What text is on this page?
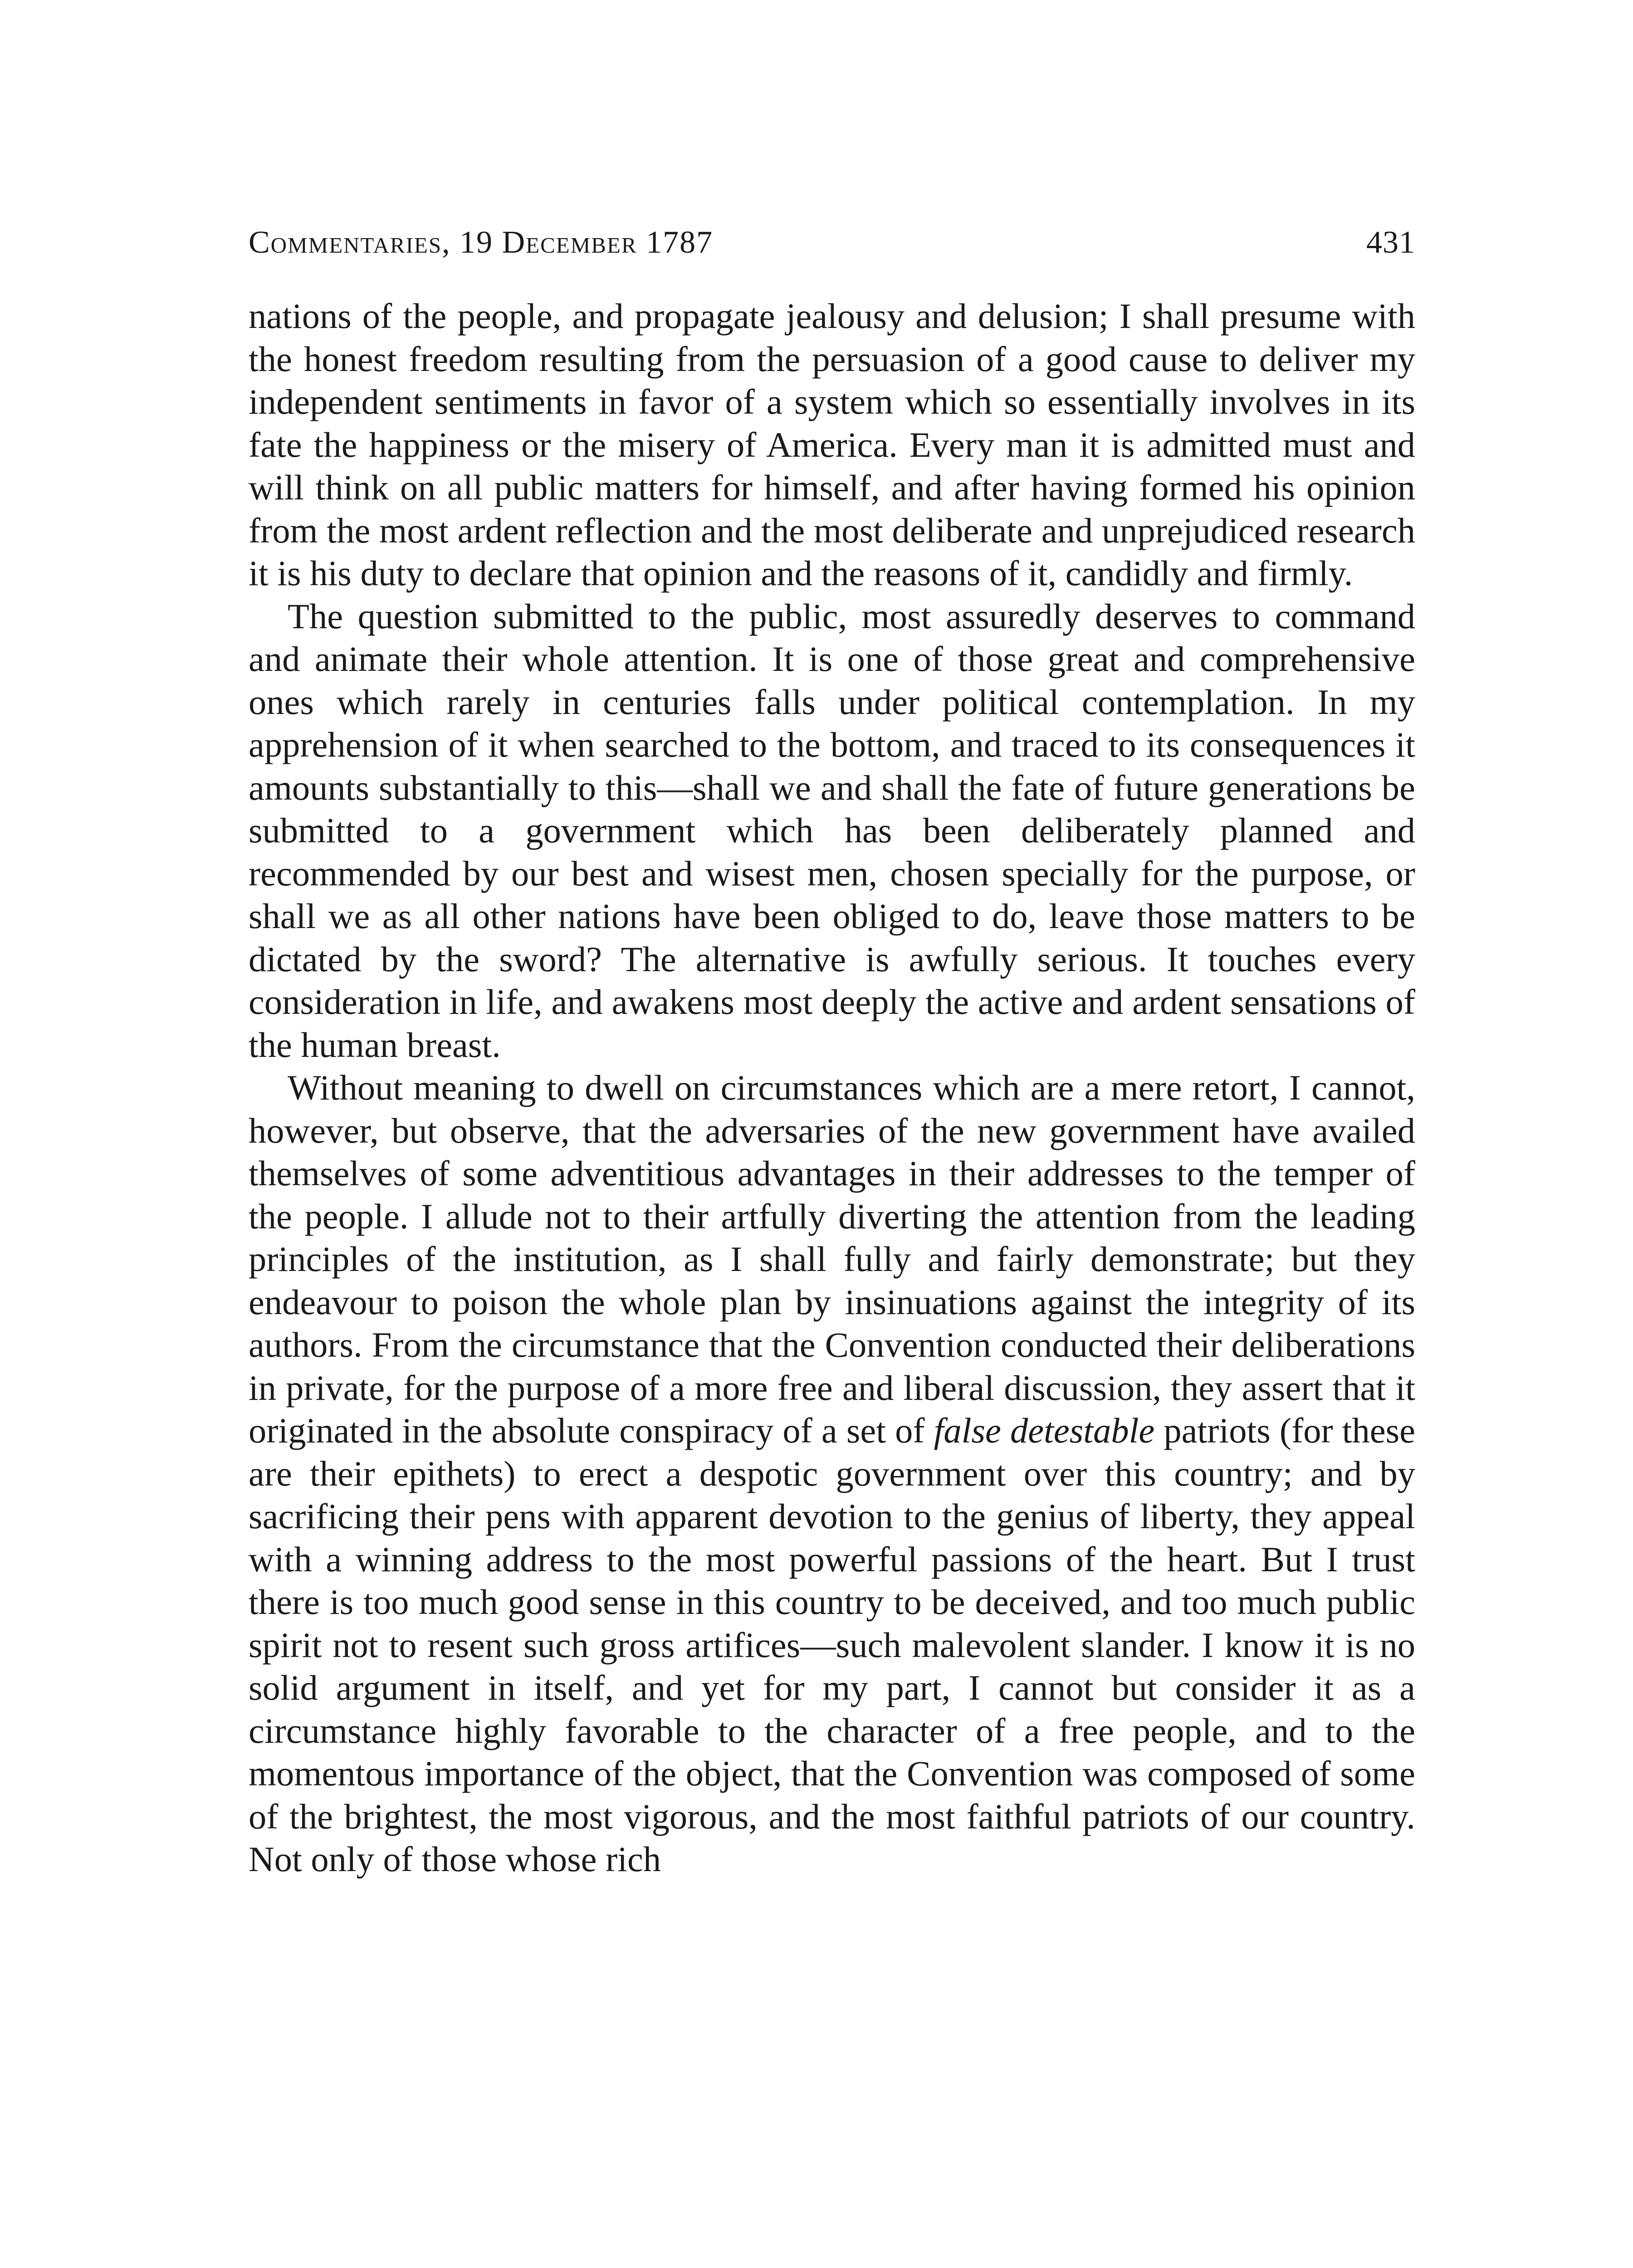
Commentaries, 19 December 1787	431

nations of the people, and propagate jealousy and delusion; I shall presume with the honest freedom resulting from the persuasion of a good cause to deliver my independent sentiments in favor of a system which so essentially involves in its fate the happiness or the misery of America. Every man it is admitted must and will think on all public matters for himself, and after having formed his opinion from the most ardent reflection and the most deliberate and unprejudiced research it is his duty to declare that opinion and the reasons of it, candidly and firmly.

The question submitted to the public, most assuredly deserves to command and animate their whole attention. It is one of those great and comprehensive ones which rarely in centuries falls under political contemplation. In my apprehension of it when searched to the bottom, and traced to its consequences it amounts substantially to this—shall we and shall the fate of future generations be submitted to a government which has been deliberately planned and recommended by our best and wisest men, chosen specially for the purpose, or shall we as all other nations have been obliged to do, leave those matters to be dictated by the sword? The alternative is awfully serious. It touches every consideration in life, and awakens most deeply the active and ardent sensations of the human breast.

Without meaning to dwell on circumstances which are a mere retort, I cannot, however, but observe, that the adversaries of the new government have availed themselves of some adventitious advantages in their addresses to the temper of the people. I allude not to their artfully diverting the attention from the leading principles of the institution, as I shall fully and fairly demonstrate; but they endeavour to poison the whole plan by insinuations against the integrity of its authors. From the circumstance that the Convention conducted their deliberations in private, for the purpose of a more free and liberal discussion, they assert that it originated in the absolute conspiracy of a set of false detestable patriots (for these are their epithets) to erect a despotic government over this country; and by sacrificing their pens with apparent devotion to the genius of liberty, they appeal with a winning address to the most powerful passions of the heart. But I trust there is too much good sense in this country to be deceived, and too much public spirit not to resent such gross artifices—such malevolent slander. I know it is no solid argument in itself, and yet for my part, I cannot but consider it as a circumstance highly favorable to the character of a free people, and to the momentous importance of the object, that the Convention was composed of some of the brightest, the most vigorous, and the most faithful patriots of our country. Not only of those whose rich
